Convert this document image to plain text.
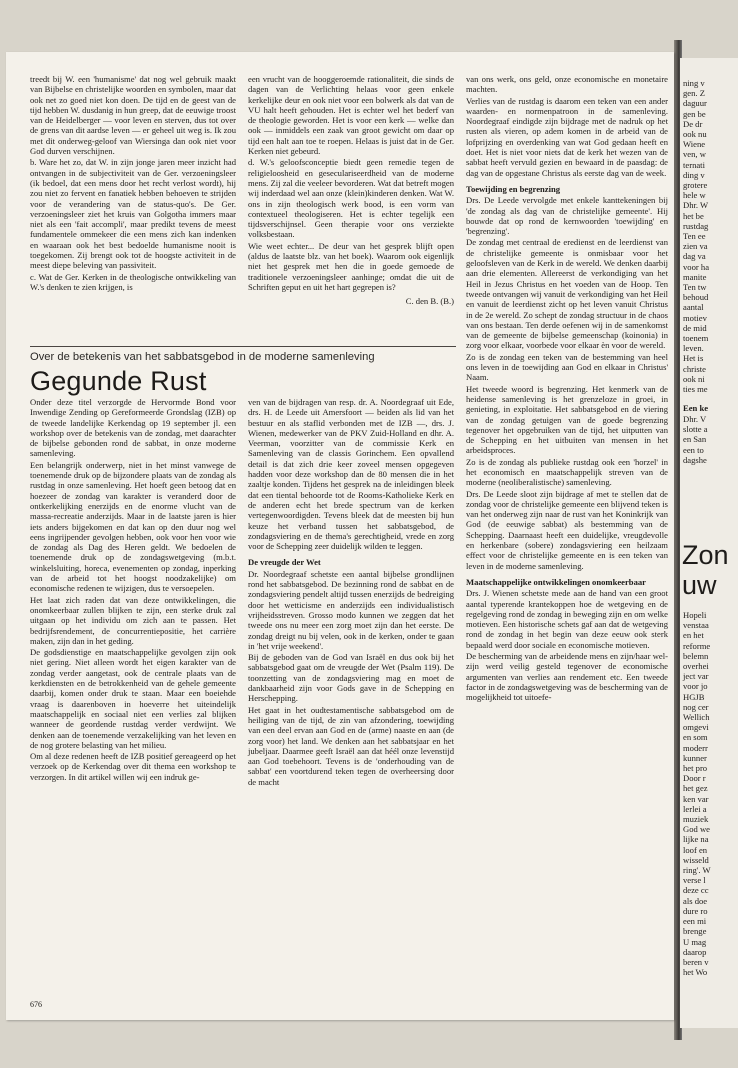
treedt bij W. een 'humanisme' dat nog wel gebruik maakt van Bijbelse en christelijke woorden en symbolen, maar dat ook net zo goed niet kon doen. De tijd en de geest van de tijd hebben W. dusdanig in hun greep, dat de eeuwige troost van de Heidelberger — voor leven en sterven, dus tot over de grens van dit aardse leven — er geheel uit weg is. Ik zou met dit onderweg-geloof van Wiersinga dan ook niet voor God durven verschijnen.

b. Ware het zo, dat W. in zijn jonge jaren meer inzicht had ontvangen in de subjectiviteit van de Ger. verzoeningsleer (ik bedoel, dat een mens door het recht verlost wordt), hij zou niet zo fervent en fanatiek hebben behoeven te strijden voor de verandering van de status-quo's. De Ger. verzoeningsleer ziet het kruis van Golgotha immers maar niet als een 'fait accompli', maar predikt tevens de meest fundamentele ommekeer die een mens zich kan indenken en waaraan ook het best bedoelde humanisme nooit is toegekomen. Zij brengt ook tot de hoogste activiteit in de meest diepe beleving van passiviteit.

c. Wat de Ger. Kerken in de theologische ontwikkeling van W.'s denken te zien krijgen, is

een vrucht van de hooggeroemde rationaliteit, die sinds de dagen van de Verlichting helaas voor geen enkele kerkelijke deur en ook niet voor een bolwerk als dat van de VU halt heeft gehouden. Het is echter wel het bederf van de theologie geworden. Het is voor een kerk — welke dan ook — inmiddels een zaak van groot gewicht om daar op tijd een halt aan toe te roepen. Helaas is juist dat in de Ger. Kerken niet gebeurd.

d. W.'s geloofsconceptie biedt geen remedie tegen de religieloosheid en geseculariseerdheid van de moderne mens. Zij zal die veeleer bevorderen. Wat dat betreft mogen wij inderdaad wel aan onze (klein)kinderen denken. Wat W. ons in zijn theologisch werk bood, is een vorm van contextueel theologiseren. Het is echter tegelijk een tijdsverschijnsel. Geen therapie voor ons verziekte volksbestaan.

Wie weet echter... De deur van het gesprek blijft open (aldus de laatste blz. van het boek). Waarom ook eigenlijk niet het gesprek met hen die in goede gemoede de traditionele verzoeningsleer aanhinge; omdat die uit de Schriften geput en uit het hart gegrepen is?

C. den B. (B.)

Over de betekenis van het sabbatsgebod in de moderne samenleving
Gegunde Rust

Onder deze titel verzorgde de Hervormde Bond voor Inwendige Zending op Gereformeerde Grondslag (IZB) op de tweede landelijke Kerkendag op 19 september jl. een workshop over de betekenis van de zondag, met daarachter de bijbelse gebonden rond de sabbat, in onze moderne samenleving.

Een belangrijk onderwerp, niet in het minst vanwege de toenemende druk op de bijzondere plaats van de zondag als rustdag in onze samenleving. Het hoeft geen betoog dat en hoezeer de zondag van karakter is veranderd door de ontkerkelijking enerzijds en de enorme vlucht van de massa-recreatie anderzijds. Maar in de laatste jaren is hier iets anders bijgekomen en dat kan op den duur nog wel eens ingrijpender gevolgen hebben, ook voor hen voor wie de zondag als Dag des Heren geldt. We bedoelen de toenemende druk op de zondagswetgeving (m.b.t. winkelsluiting, horeca, evenementen op zondag, inperking van de arbeid tot het hoogst noodzakelijke) om economische redenen te wijzigen, dus te versoepelen.

Het laat zich raden dat van deze ontwikkelingen, die onomkeerbaar zullen blijken te zijn, een sterke druk zal uitgaan op het individu om zich aan te passen. Het bedrijfsrendement, de concurrentiepositie, het carrière maken, zijn dan in het geding.

De godsdienstige en maatschappelijke gevolgen zijn ook niet gering. Niet alleen wordt het eigen karakter van de zondag verder aangetast, ook de centrale plaats van de kerkdiensten en de betrokkenheid van de gehele gemeente daarbij, komen onder druk te staan. Maar een boeiehde vraag is daarenboven in hoeverre het uiteindelijk maatschappelijk en sociaal niet een verlies zal blijken wanneer de geordende rustdag verder verdwijnt. We denken aan de toenemende verzakelijking van het leven en de nog grotere belasting van het milieu.

Om al deze redenen heeft de IZB positief gereageerd op het verzoek op de Kerkendag over dit thema een workshop te verzorgen. In dit artikel willen wij een indruk ge-

ven van de bijdragen van resp. dr. A. Noordegraaf uit Ede, drs. H. de Leede uit Amersfoort — beiden als lid van het bestuur en als staflid verbonden met de IZB —, drs. J. Wienen, medewerker van de PKV Zuid-Holland en dhr. A. Veerman, voorzitter van de commissie Kerk en Samenleving van de classis Gorinchem. Een opvallend detail is dat zich drie keer zoveel mensen opgegeven hadden voor deze workshop dan de 80 mensen die in het zaaltje konden. Tijdens het gesprek na de inleidingen bleek dat een tiental behoorde tot de Rooms-Katholieke Kerk en de anderen echt het brede spectrum van de kerken vertegenwoordigden. Tevens bleek dat de meesten bij hun keuze het verband tussen het sabbatsgebod, de zondagsviering en de thema's gerechtigheid, vrede en zorg voor de Schepping zeer duidelijk wilden te leggen.

De vreugde der Wet

Dr. Noordegraaf schetste een aantal bijbelse grondlijnen rond het sabbatsgebod. De bezinning rond de sabbat en de zondagsviering pendelt altijd tussen enerzijds de bedreiging door het wetticisme en anderzijds een individualistisch vrijheidsstreven. Grosso modo kunnen we zeggen dat het tweede ons nu meer een zorg moet zijn dan het eerste. De zondag dreigt nu bij velen, ook in de kerken, onder te gaan in 'het vrije weekend'.

Bij de geboden van de God van Israël en dus ook bij het sabbatsgebod gaat om de vreugde der Wet (Psalm 119). De toonzetting van de zondagsviering mag en moet de dankbaarheid zijn voor Gods gave in de Schepping en Herschepping.

Het gaat in het oudtestamentische sabbatsgebod om de heiliging van de tijd, de zin van afzondering, toewijding van een deel ervan aan God en de (arme) naaste en aan (de zorg voor) het land. We denken aan het sabbatsjaar en het jubeljaar. Daarmee geeft Israël aan dat héél onze levenstijd aan God toebehoort. Tevens is de 'onderhouding van de sabbat' een voortdurend teken tegen de overheersing door de macht

van ons werk, ons geld, onze economische en monetaire machten.

Verlies van de rustdag is daarom een teken van een ander waarden- en normenpatroon in de samenleving. Noordegraaf eindigde zijn bijdrage met de nadruk op het rusten als vieren, op adem komen in de arbeid van de lofprijzing en overdenking van wat God gedaan heeft en doet. Het is niet voor niets dat de kerk het wezen van de sabbat heeft vervuld gezien en bewaard in de paasdag: de dag van de opgestane Christus als eerste dag van de week.

Toewijding en begrenzing

Drs. De Leede vervolgde met enkele kanttekeningen bij 'de zondag als dag van de christelijke gemeente'. Hij bouwde dat op rond de kernwoorden 'toewijding' en 'begrenzing'.

De zondag met centraal de eredienst en de leerdienst van de christelijke gemeente is onmisbaar voor het geloofsleven van de Kerk in de wereld. We denken daarbij aan drie elementen. Allereerst de verkondiging van het Heil in Jezus Christus en het voeden van de Hoop. Ten tweede ontvangen wij vanuit de verkondiging van het Heil en vanuit de leerdienst zicht op het leven vanuit Christus in de 2e wereld. Zo schept de zondag structuur in de chaos van ons bestaan. Ten derde oefenen wij in de samenkomst van de gemeente de bijbelse gemeenschap (koinonia) in zorg voor elkaar, voorbede voor elkaar èn voor de wereld.

Zo is de zondag een teken van de bestemming van heel ons leven in de toewijding aan God en elkaar in Christus' Naam.

Het tweede woord is begrenzing. Het kenmerk van de heidense samenleving is het grenzeloze in groei, in genieting, in exploitatie. Het sabbatsgebod en de viering van de zondag getuigen van de goede begrenzing tegenover het opgebruiken van de tijd, het uitputten van de Schepping en het uitbuiten van mensen in het arbeidsproces.

Zo is de zondag als publieke rustdag ook een 'horzel' in het economisch en maatschappelijk streven van de moderne (neoliberalistische) samenleving.

Drs. De Leede sloot zijn bijdrage af met te stellen dat de zondag voor de christelijke gemeente een blijvend teken is van het onderweg zijn naar de rust van het Koninkrijk van God (de eeuwige sabbat) als bestemming van de Schepping. Daarnaast heeft een duidelijke, vreugdevolle en herkenbare (sobere) zondagsviering een heilzaam effect voor de christelijke gemeente en is een teken van leven in de moderne samenleving.

Maatschappelijke ontwikkelingen onomkeerbaar

Drs. J. Wienen schetste mede aan de hand van een groot aantal typerende krantekoppen hoe de wetgeving en de regelgeving rond de zondag in beweging zijn en om welke motieven. Een historische schets gaf aan dat de wetgeving rond de zondag in het begin van deze eeuw ook sterk bepaald werd door sociale en economische motieven.

De bescherming van de arbeidende mens en zijn/haar wel-zijn werd veilig gesteld tegenover de economische argumenten van verlies aan rendement etc. Een tweede factor in de zondagswetgeving was de bescherming van de mogelijkheid tot uitoefe-

676

ning v

gen. Z

daguur

gen be

De dr

ook nu

Wiene

ven, w

ternati

ding v

grotere

hele w

Dhr. W

het be

rustdag

Ten ee

zien va

dag va

voor ha

manite

Ten tw

behoud

aantal

motiev

de mid

toenem

leven.

Het is

christe

ook ni

ties me

Een ke

Dhr. V

slotte a

en San

een to

dagshe

Zon

uw

Hopeli

venstaa

en het

reforme

belemn

overhei

ject var

voor jo

HGJB

nog cer

Wellich

omgevi

en som

moderr

kunner

het pro

Door r

het gez

ken var

lerlei a

muziek

God we

lijke na

loof en

wisseld

ring'. W

verse l

deze cc

als doe

dure ro

een mi

brenge

U mag

daarop

beren v

het Wo
